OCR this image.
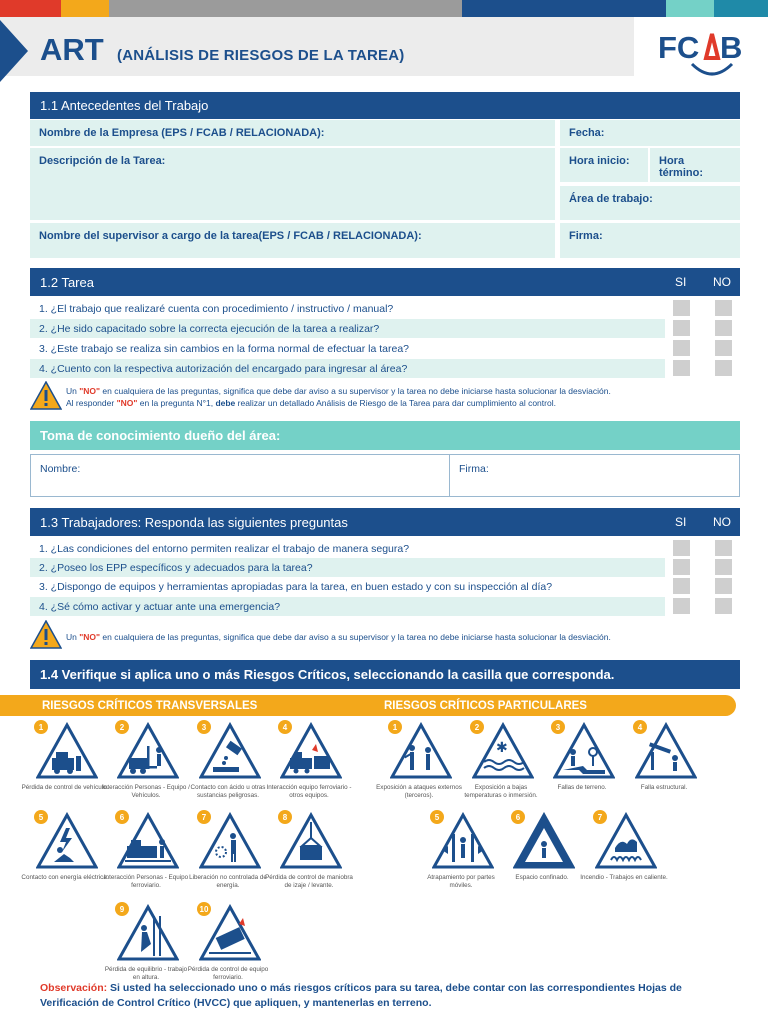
ART (ANÁLISIS DE RIESGOS DE LA TAREA)	FC B
1.1 Antecedentes del Trabajo
Nombre de la Empresa (EPS / FCAB / RELACIONADA):	Fecha:
Descripción de la Tarea:	Hora inicio:	Hora término:
Área de trabajo:
Nombre del supervisor a cargo de la tarea(EPS / FCAB / RELACIONADA):	Firma:
1.2 Tarea	SI NO
1. ¿El trabajo que realizaré cuenta con procedimiento / instructivo / manual?
2. ¿He sido capacitado sobre la correcta ejecución de la tarea a realizar?
3. ¿Este trabajo se realiza sin cambios en la forma normal de efectuar la tarea?
4. ¿Cuento con la respectiva autorización del encargado para ingresar al área?
Un "NO" en cualquiera de las preguntas, significa que debe dar aviso a su supervisor y la tarea no debe iniciarse hasta solucionar la desviación.
Al responder "NO" en la pregunta N°1, debe realizar un detallado Análisis de Riesgo de la Tarea para dar cumplimiento al control.
Toma de conocimiento dueño del área:
Nombre:	Firma:
1.3 Trabajadores: Responda las siguientes preguntas	SI NO
1. ¿Las condiciones del entorno permiten realizar el trabajo de manera segura?
2. ¿Poseo los EPP específicos y adecuados para la tarea?
3. ¿Dispongo de equipos y herramientas apropiadas para la tarea, en buen estado y con su inspección al día?
4. ¿Sé cómo activar y actuar ante una emergencia?
Un "NO" en cualquiera de las preguntas, significa que debe dar aviso a su supervisor y la tarea no debe iniciarse hasta solucionar la desviación.
1.4 Verifique si aplica uno o más Riesgos Críticos, seleccionando la casilla que corresponda.
RIESGOS CRÍTICOS TRANSVERSALES	RIESGOS CRÍTICOS PARTICULARES
1
Pérdida de control de vehículo.
2
Interacción Personas - Equipo / Vehículos.
3
Contacto con ácido u otras sustancias peligrosas.
4
Interacción equipo ferroviario - otros equipos.
5
Contacto con energía eléctrica.
6
Interacción Personas - Equipo ferroviario.
7
Liberación no controlada de energía.
8
Pérdida de control de maniobra de izaje / levante.
9
Pérdida de equilibrio - trabajo en altura.
10
Pérdida de control de equipo ferroviario.
1
Exposición a ataques externos (terceros).
✱
2
Exposición a bajas temperaturas o inmersión.
3
Fallas de terreno.
4
Falla estructural.
5
Atrapamiento por partes móviles.
6
Espacio confinado.
7
Incendio - Trabajos en caliente.
Observación: Si usted ha seleccionado uno o más riesgos críticos para su tarea, debe contar con las correspondientes Hojas de Verificación de Control Crítico (HVCC) que apliquen, y mantenerlas en terreno.
